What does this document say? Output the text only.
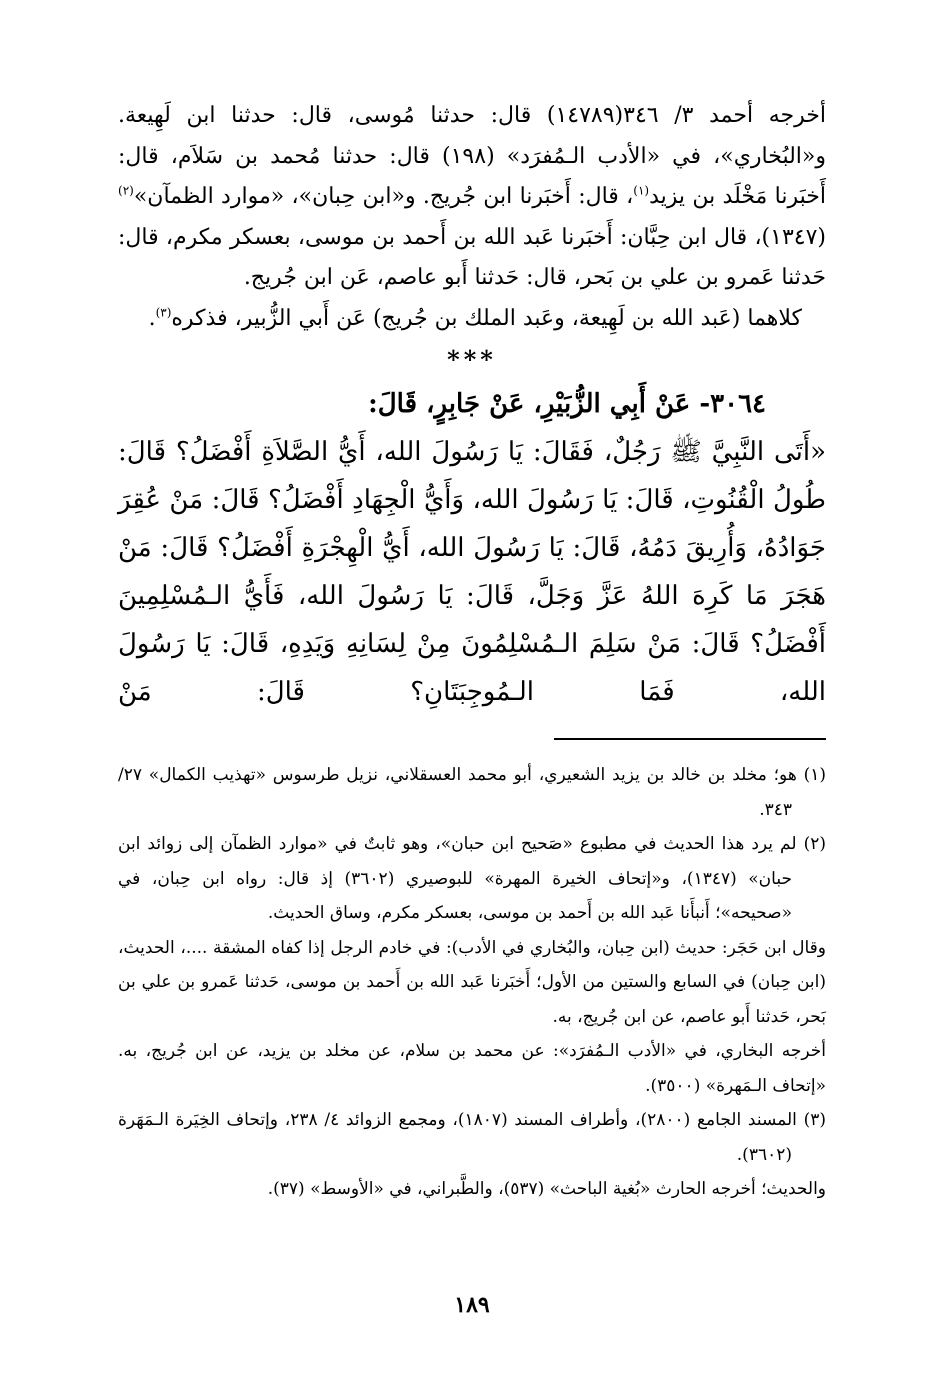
أخرجه أحمد ٣/ ٣٤٦(١٤٧٨٩) قال: حدثنا مُوسى، قال: حدثنا ابن لَهِيعة. و«البُخاري»، في «الأدب الـمُفرَد» (١٩٨) قال: حدثنا مُحمد بن سَلاَم، قال: أَخبَرنا مَخْلَد بن يزيد$^{(١)}$، قال: أَخبَرنا ابن جُريج. و«ابن حِبان»، «موارد الظمآن»$^{(٢)}$ (١٣٤٧)، قال ابن حِبَّان: أَخبَرنا عَبد الله بن أَحمد بن موسى، بعسكر مكرم، قال: حَدثنا عَمرو بن علي بن بَحر، قال: حَدثنا أَبو عاصم، عَن ابن جُريج.

كلاهما (عَبد الله بن لَهِيعة، وعَبد الملك بن جُريج) عَن أَبي الزُّبير، فذكره$^{(٣)}$.

***

٣٠٦٤- عَنْ أَبِي الزُّبَيْرِ، عَنْ جَابِرٍ، قَالَ:

«أَتَى النَّبِيَّ ﷺ رَجُلٌ، فَقَالَ: يَا رَسُولَ الله، أَيُّ الصَّلاَةِ أَفْضَلُ؟ قَالَ: طُولُ الْقُنُوتِ، قَالَ: يَا رَسُولَ الله، وَأَيُّ الْجِهَادِ أَفْضَلُ؟ قَالَ: مَنْ عُقِرَ جَوَادُهُ، وَأُرِيقَ دَمُهُ، قَالَ: يَا رَسُولَ الله، أَيُّ الْهِجْرَةِ أَفْضَلُ؟ قَالَ: مَنْ هَجَرَ مَا كَرِهَ اللهُ عَزَّ وَجَلَّ، قَالَ: يَا رَسُولَ الله، فَأَيُّ الـمُسْلِمِينَ أَفْضَلُ؟ قَالَ: مَنْ سَلِمَ الـمُسْلِمُونَ مِنْ لِسَانِهِ وَيَدِهِ، قَالَ: يَا رَسُولَ الله، فَمَا الـمُوجِبَتَانِ؟ قَالَ: مَنْ

(١) هو؛ مخلد بن خالد بن يزيد الشعيري، أبو محمد العسقلاني، نزيل طرسوس «تهذيب الكمال» ٢٧/ ٣٤٣.

(٢) لم يرد هذا الحديث في مطبوع «صَحيح ابن حبان»، وهو ثابتٌ في «موارد الظمآن إلى زوائد ابن حبان» (١٣٤٧)، و«إتحاف الخيرة المهرة» للبوصيري (٣٦٠٢) إذ قال: رواه ابن حِبان، في «صحيحه»؛ أَنبأَنا عَبد الله بن أَحمد بن موسى، بعسكر مكرم، وساق الحديث.

وقال ابن حَجَر: حديث (ابن حِبان، والبُخاري في الأدب): في خادم الرجل إذا كفاه المشقة ....، الحديث، (ابن حِبان) في السابع والستين من الأول؛ أَخبَرنا عَبد الله بن أَحمد بن موسى، حَدثنا عَمرو بن علي بن بَحر، حَدثنا أَبو عاصم، عن ابن جُريج، به.

أخرجه البخاري، في «الأدب الـمُفرَد»: عن محمد بن سلام، عن مخلد بن يزيد، عن ابن جُريج، به. «إتحاف الـمَهرة» (٣٥٠٠).

(٣) المسند الجامع (٢٨٠٠)، وأطراف المسند (١٨٠٧)، ومجمع الزوائد ٤/ ٢٣٨، وإتحاف الخِيَرة الـمَهَرة (٣٦٠٢).

والحديث؛ أخرجه الحارث «بُغية الباحث» (٥٣٧)، والطَّبراني، في «الأوسط» (٣٧).

١٨٩
